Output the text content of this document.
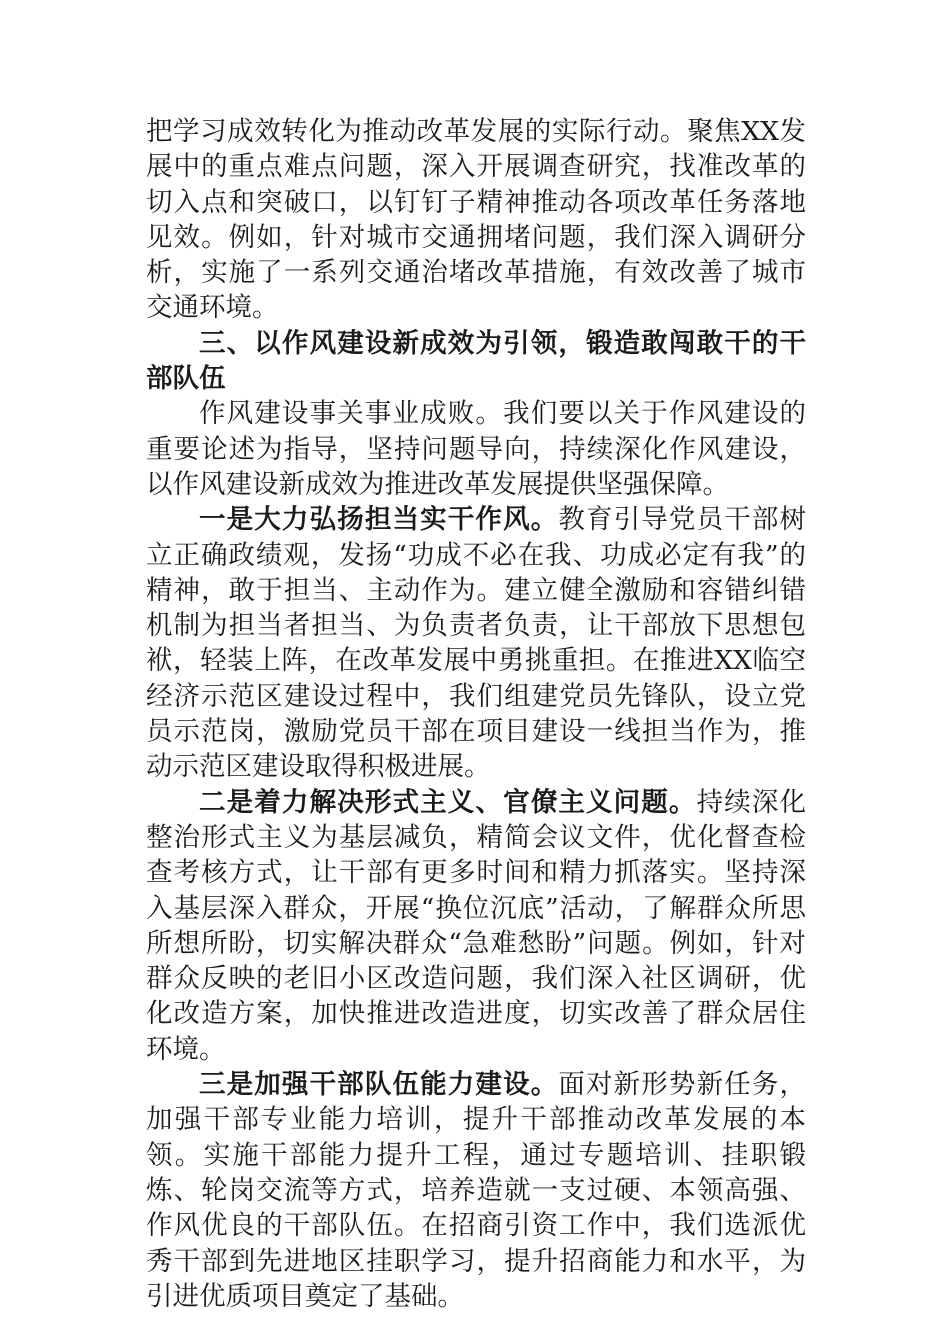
把学习成效转化为推动改革发展的实际行动。聚焦XX发展中的重点难点问题，深入开展调查研究，找准改革的切入点和突破口，以钉钉子精神推动各项改革任务落地见效。例如，针对城市交通拥堵问题，我们深入调研分析，实施了一系列交通治堵改革措施，有效改善了城市交通环境。

三、以作风建设新成效为引领，锻造敢闯敢干的干部队伍

作风建设事关事业成败。我们要以关于作风建设的重要论述为指导，坚持问题导向，持续深化作风建设，以作风建设新成效为推进改革发展提供坚强保障。

一是大力弘扬担当实干作风。教育引导党员干部树立正确政绩观，发扬“功成不必在我、功成必定有我”的精神，敢于担当、主动作为。建立健全激励和容错纠错机制为担当者担当、为负责者负责，让干部放下思想包袱，轻装上阵，在改革发展中勇挑重担。在推进XX临空经济示范区建设过程中，我们组建党员先锋队，设立党员示范岗，激励党员干部在项目建设一线担当作为，推动示范区建设取得积极进展。

二是着力解决形式主义、官僚主义问题。持续深化整治形式主义为基层减负，精简会议文件，优化督查检查考核方式，让干部有更多时间和精力抓落实。坚持深入基层深入群众，开展“换位沉底”活动，了解群众所思所想所盼，切实解决群众“急难愁盼”问题。例如，针对群众反映的老旧小区改造问题，我们深入社区调研，优化改造方案，加快推进改造进度，切实改善了群众居住环境。

三是加强干部队伍能力建设。面对新形势新任务，加强干部专业能力培训，提升干部推动改革发展的本领。实施干部能力提升工程，通过专题培训、挂职锻炼、轮岗交流等方式，培养造就一支过硬、本领高强、作风优良的干部队伍。在招商引资工作中，我们选派优秀干部到先进地区挂职学习，提升招商能力和水平，为引进优质项目奠定了基础。
